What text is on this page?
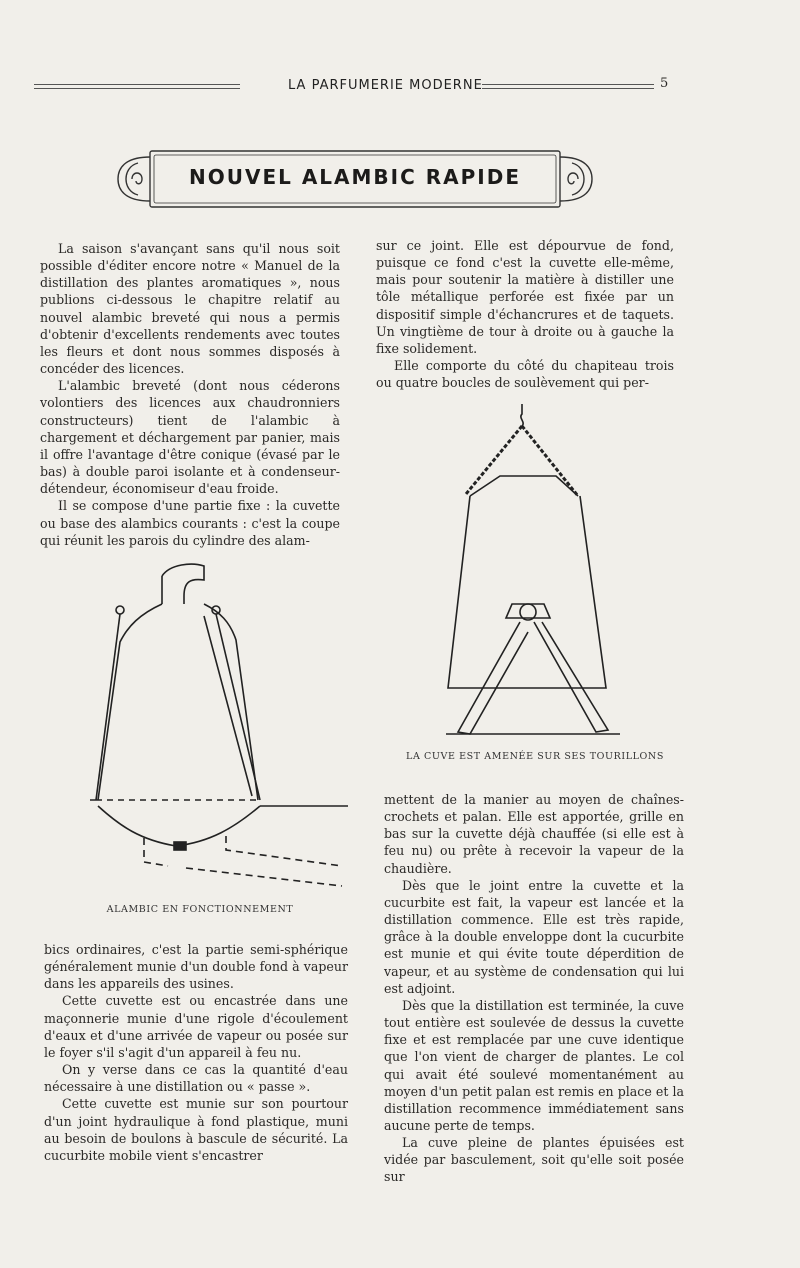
LA PARFUMERIE MODERNE	5
NOUVEL ALAMBIC RAPIDE

La saison s'avançant sans qu'il nous soit possible d'éditer encore notre « Manuel de la distillation des plantes aromatiques », nous publions ci-dessous le chapitre relatif au nouvel alambic breveté qui nous a permis d'obtenir d'excellents rendements avec toutes les fleurs et dont nous sommes disposés à concéder des licences.

L'alambic breveté (dont nous céderons volontiers des licences aux chaudronniers constructeurs) tient de l'alambic à chargement et déchargement par panier, mais il offre l'avantage d'être conique (évasé par le bas) à double paroi isolante et à condenseur-détendeur, économiseur d'eau froide.

Il se compose d'une partie fixe : la cuvette ou base des alambics courants : c'est la coupe qui réunit les parois du cylindre des alam-

ALAMBIC EN FONCTIONNEMENT

bics ordinaires, c'est la partie semi-sphérique généralement munie d'un double fond à vapeur dans les appareils des usines.

Cette cuvette est ou encastrée dans une maçonnerie munie d'une rigole d'écoulement d'eaux et d'une arrivée de vapeur ou posée sur le foyer s'il s'agit d'un appareil à feu nu.

On y verse dans ce cas la quantité d'eau nécessaire à une distillation ou « passe ».

Cette cuvette est munie sur son pourtour d'un joint hydraulique à fond plastique, muni au besoin de boulons à bascule de sécurité. La cucurbite mobile vient s'encastrer

sur ce joint. Elle est dépourvue de fond, puisque ce fond c'est la cuvette elle-même, mais pour soutenir la matière à distiller une tôle métallique perforée est fixée par un dispositif simple d'échancrures et de taquets. Un vingtième de tour à droite ou à gauche la fixe solidement.

Elle comporte du côté du chapiteau trois ou quatre boucles de soulèvement qui per-

LA CUVE EST AMENÉE SUR SES TOURILLONS

mettent de la manier au moyen de chaînes-crochets et palan. Elle est apportée, grille en bas sur la cuvette déjà chauffée (si elle est à feu nu) ou prête à recevoir la vapeur de la chaudière.

Dès que le joint entre la cuvette et la cucurbite est fait, la vapeur est lancée et la distillation commence. Elle est très rapide, grâce à la double enveloppe dont la cucurbite est munie et qui évite toute déperdition de vapeur, et au système de condensation qui lui est adjoint.

Dès que la distillation est terminée, la cuve tout entière est soulevée de dessus la cuvette fixe et est remplacée par une cuve identique que l'on vient de charger de plantes. Le col qui avait été soulevé momentanément au moyen d'un petit palan est remis en place et la distillation recommence immédiatement sans aucune perte de temps.

La cuve pleine de plantes épuisées est vidée par basculement, soit qu'elle soit posée sur
